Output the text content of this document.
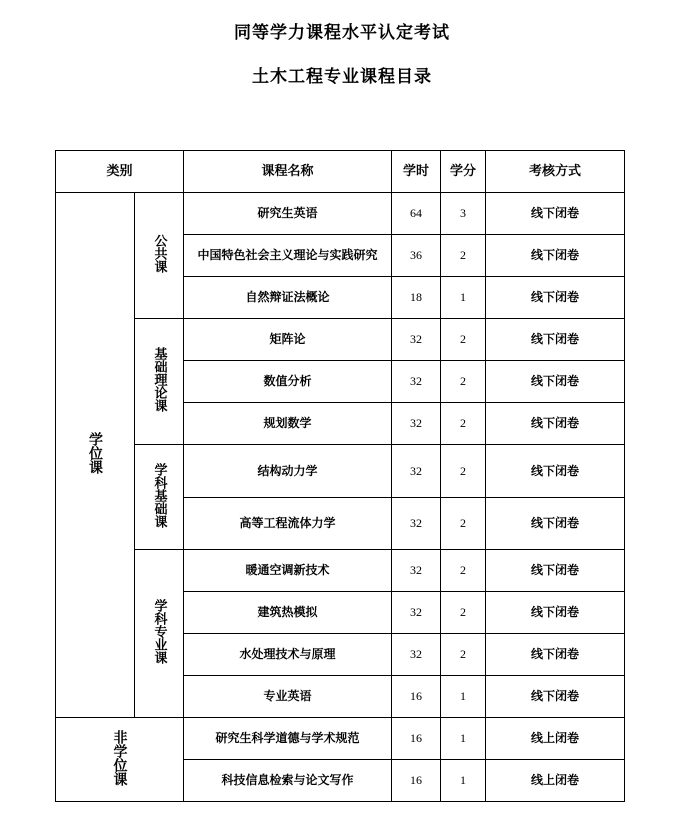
同等学力课程水平认定考试
土木工程专业课程目录
类别		课程名称	学时	学分	考核方式
学位课	公共课	研究生英语	64	3	线下闭卷
		中国特色社会主义理论与实践研究	36	2	线下闭卷
		自然辩证法概论	18	1	线下闭卷
	基础理论课	矩阵论	32	2	线下闭卷
		数值分析	32	2	线下闭卷
		规划数学	32	2	线下闭卷
	学科基础课	结构动力学	32	2	线下闭卷
		高等工程流体力学	32	2	线下闭卷
	学科专业课	暖通空调新技术	32	2	线下闭卷
		建筑热模拟	32	2	线下闭卷
		水处理技术与原理	32	2	线下闭卷
		专业英语	16	1	线下闭卷
非学位课		研究生科学道德与学术规范	16	1	线上闭卷
		科技信息检索与论文写作	16	1	线上闭卷
